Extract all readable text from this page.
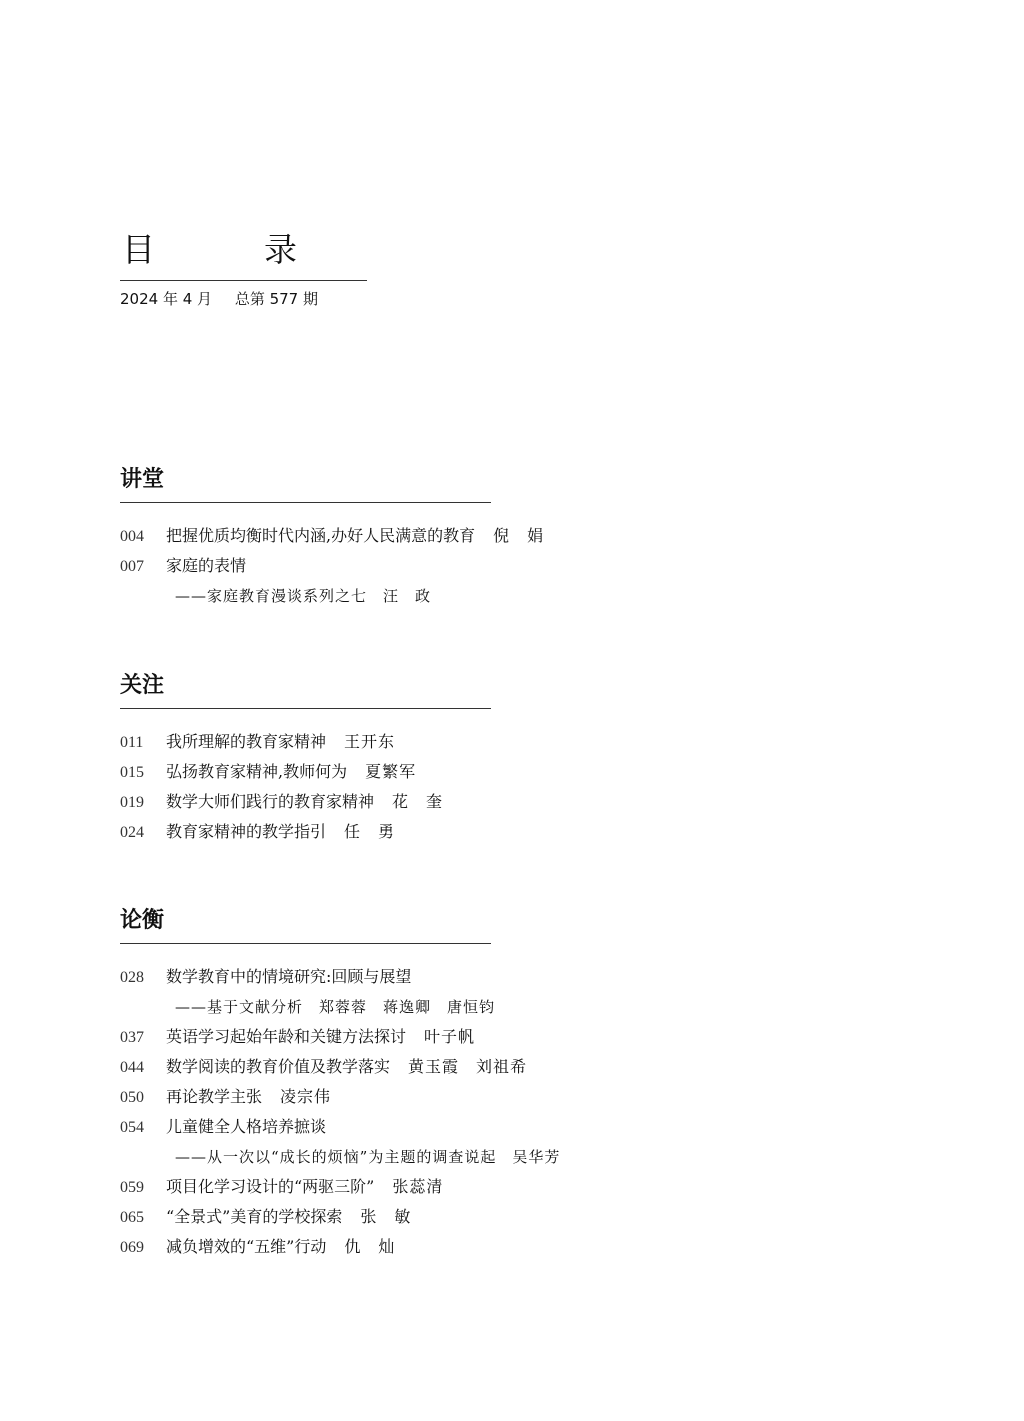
目　录
2024 年 4 月 总第 577 期
讲堂
004 把握优质均衡时代内涵,办好人民满意的教育 倪　娟
007 家庭的表情
——家庭教育漫谈系列之七 汪　政
关注
011 我所理解的教育家精神 王开东
015 弘扬教育家精神,教师何为 夏繁军
019 数学大师们践行的教育家精神 花　奎
024 教育家精神的教学指引 任　勇
论衡
028 数学教育中的情境研究:回顾与展望
——基于文献分析 郑蓉蓉　蒋逸卿　唐恒钧
037 英语学习起始年龄和关键方法探讨 叶子帆
044 数学阅读的教育价值及教学落实 黄玉霞　刘祖希
050 再论教学主张 凌宗伟
054 儿童健全人格培养摭谈
——从一次以“成长的烦恼”为主题的调查说起 吴华芳
059 项目化学习设计的“两驱三阶” 张蕊清
065 “全景式”美育的学校探索 张　敏
069 减负增效的“五维”行动 仇　灿
